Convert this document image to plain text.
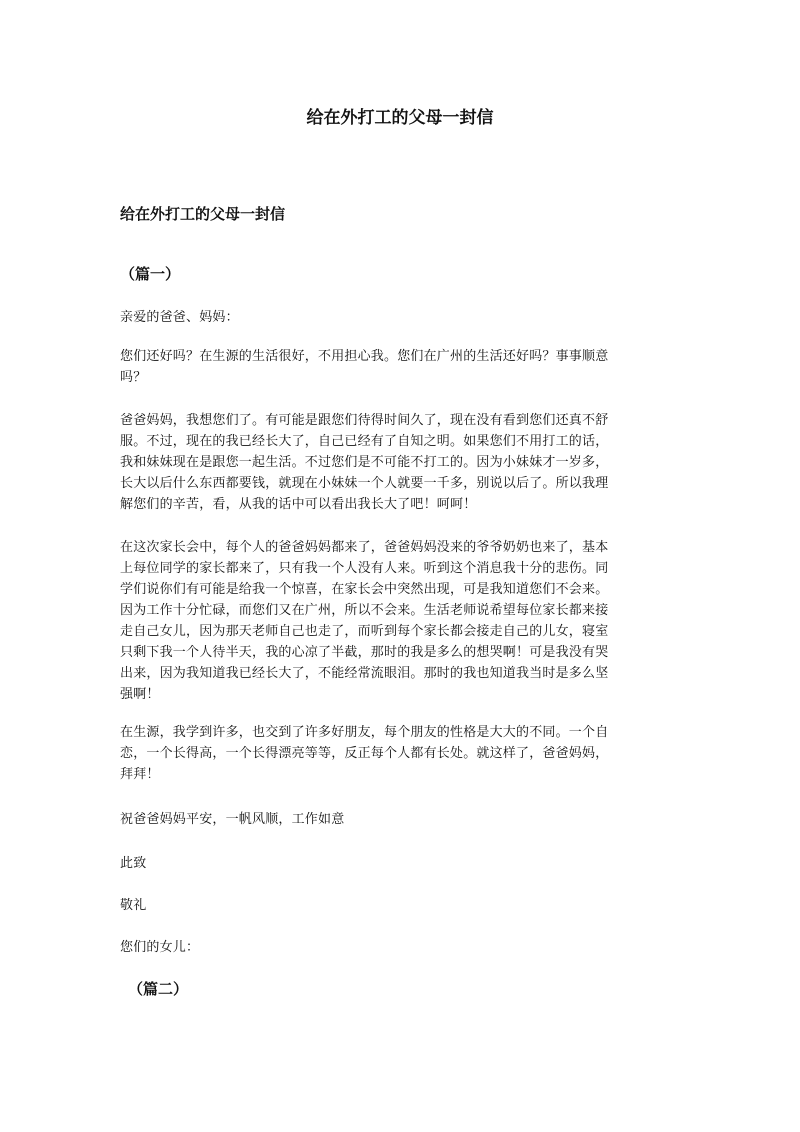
给在外打工的父母一封信
给在外打工的父母一封信
（篇一）

亲爱的爸爸、妈妈：

您们还好吗？在生源的生活很好，不用担心我。您们在广州的生活还好吗？事事顺意
吗？

爸爸妈妈，我想您们了。有可能是跟您们待得时间久了，现在没有看到您们还真不舒
服。不过，现在的我已经长大了，自己已经有了自知之明。如果您们不用打工的话，
我和妹妹现在是跟您一起生活。不过您们是不可能不打工的。因为小妹妹才一岁多，
长大以后什么东西都要钱，就现在小妹妹一个人就要一千多，别说以后了。所以我理
解您们的辛苦，看，从我的话中可以看出我长大了吧！呵呵！

在这次家长会中，每个人的爸爸妈妈都来了，爸爸妈妈没来的爷爷奶奶也来了，基本
上每位同学的家长都来了，只有我一个人没有人来。听到这个消息我十分的悲伤。同
学们说你们有可能是给我一个惊喜，在家长会中突然出现，可是我知道您们不会来。
因为工作十分忙碌，而您们又在广州，所以不会来。生活老师说希望每位家长都来接
走自己女儿，因为那天老师自己也走了，而听到每个家长都会接走自己的儿女，寝室
只剩下我一个人待半天，我的心凉了半截，那时的我是多么的想哭啊！可是我没有哭
出来，因为我知道我已经长大了，不能经常流眼泪。那时的我也知道我当时是多么坚
强啊！

在生源，我学到许多，也交到了许多好朋友，每个朋友的性格是大大的不同。一个自
恋，一个长得高，一个长得漂亮等等，反正每个人都有长处。就这样了，爸爸妈妈，
拜拜！

祝爸爸妈妈平安，一帆风顺，工作如意

此致

敬礼

您们的女儿：

（篇二）
